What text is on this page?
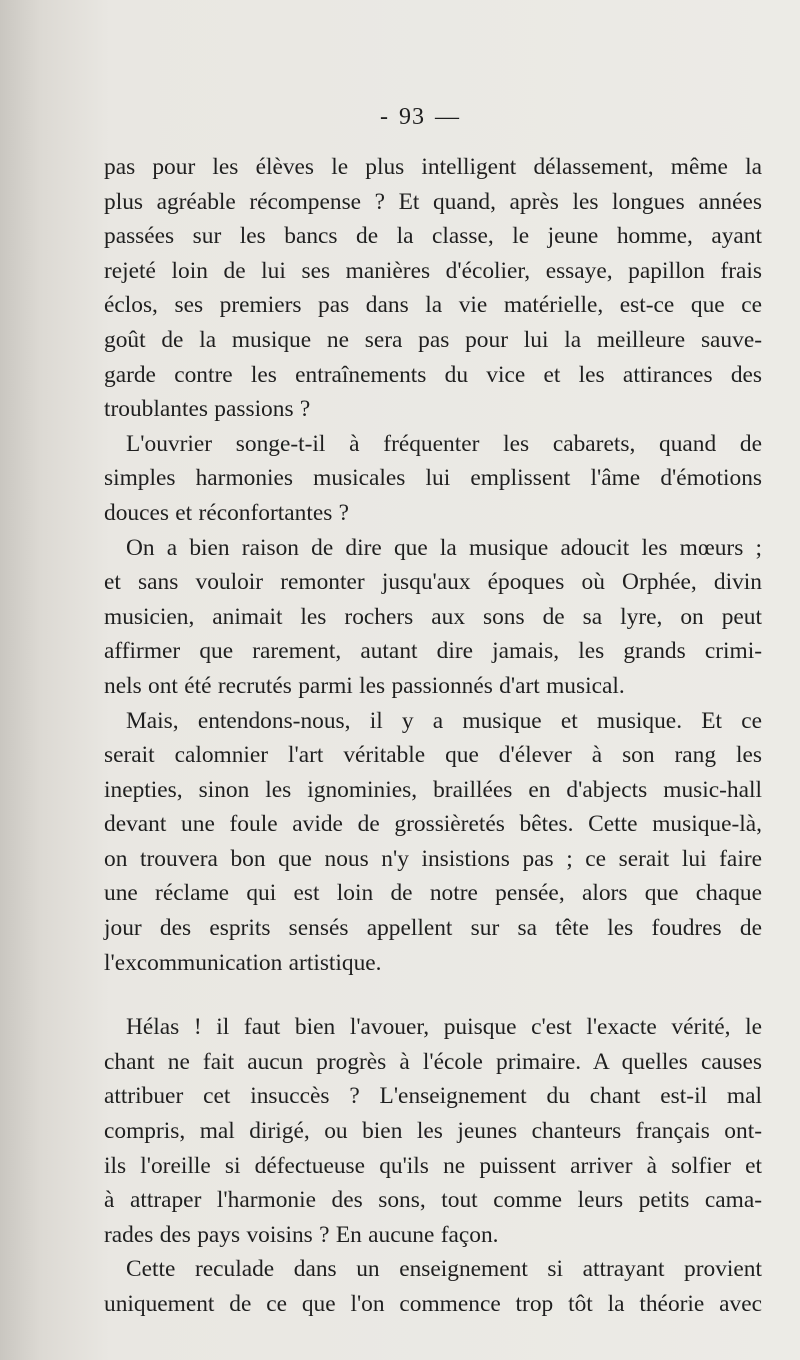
- 93 —
pas pour les élèves le plus intelligent délassement, même la
plus agréable récompense ? Et quand, après les longues années
passées sur les bancs de la classe, le jeune homme, ayant
rejeté loin de lui ses manières d'écolier, essaye, papillon frais
éclos, ses premiers pas dans la vie matérielle, est-ce que ce
goût de la musique ne sera pas pour lui la meilleure sauve-
garde contre les entraînements du vice et les attirances des
troublantes passions ?
L'ouvrier songe-t-il à fréquenter les cabarets, quand de
simples harmonies musicales lui emplissent l'âme d'émotions
douces et réconfortantes ?
On a bien raison de dire que la musique adoucit les mœurs ;
et sans vouloir remonter jusqu'aux époques où Orphée, divin
musicien, animait les rochers aux sons de sa lyre, on peut
affirmer que rarement, autant dire jamais, les grands crimi-
nels ont été recrutés parmi les passionnés d'art musical.
Mais, entendons-nous, il y a musique et musique. Et ce
serait calomnier l'art véritable que d'élever à son rang les
inepties, sinon les ignominies, braillées en d'abjects music-hall
devant une foule avide de grossièretés bêtes. Cette musique-là,
on trouvera bon que nous n'y insistions pas ; ce serait lui faire
une réclame qui est loin de notre pensée, alors que chaque
jour des esprits sensés appellent sur sa tête les foudres de
l'excommunication artistique.
Hélas ! il faut bien l'avouer, puisque c'est l'exacte vérité, le
chant ne fait aucun progrès à l'école primaire. A quelles causes
attribuer cet insuccès ? L'enseignement du chant est-il mal
compris, mal dirigé, ou bien les jeunes chanteurs français ont-
ils l'oreille si défectueuse qu'ils ne puissent arriver à solfier et
à attraper l'harmonie des sons, tout comme leurs petits cama-
rades des pays voisins ? En aucune façon.
Cette reculade dans un enseignement si attrayant provient
uniquement de ce que l'on commence trop tôt la théorie avec
